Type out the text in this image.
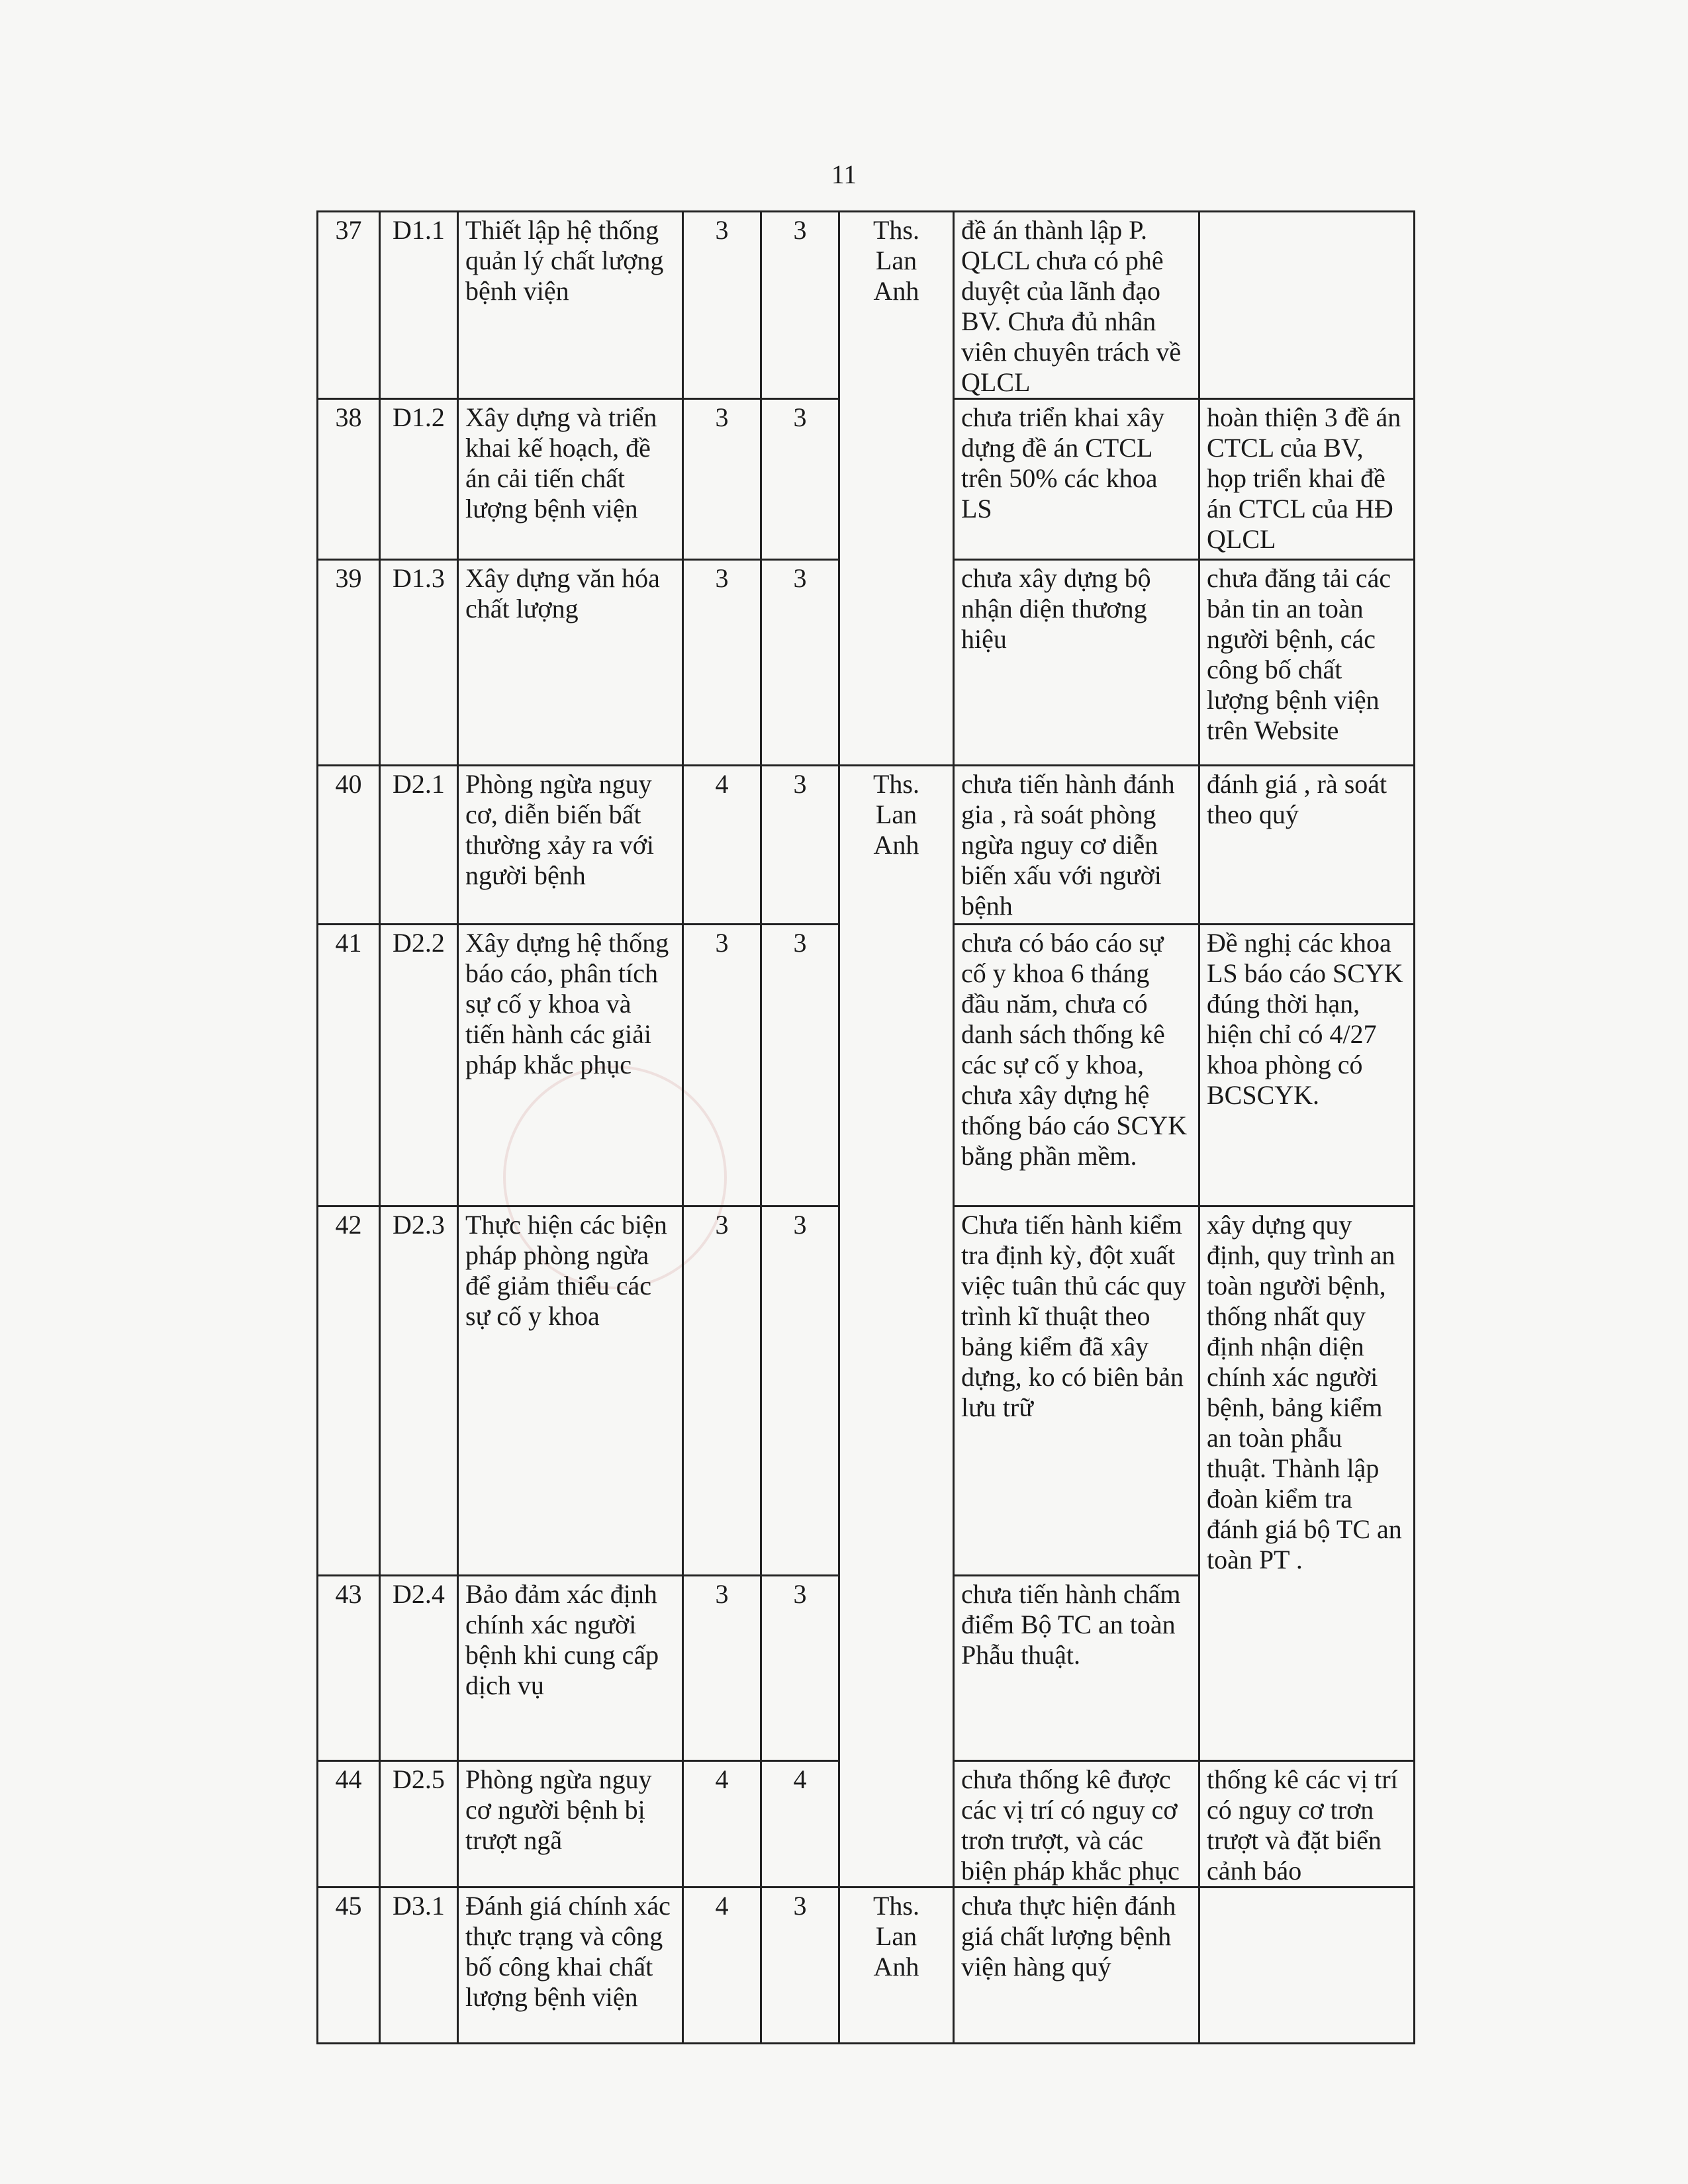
11
37	D1.1	Thiết lập hệ thống quản lý chất lượng bệnh viện	3	3	Ths.
Lan
Anh	đề án thành lập P. QLCL chưa có phê duyệt của lãnh đạo BV. Chưa đủ nhân viên chuyên trách về QLCL	
38	D1.2	Xây dựng và triển khai kế hoạch, đề án cải tiến chất lượng bệnh viện	3	3		chưa triển khai xây dựng đề án CTCL trên 50% các khoa LS	hoàn thiện 3 đề án CTCL của BV, họp triển khai đề án CTCL của HĐ QLCL
39	D1.3	Xây dựng văn hóa chất lượng	3	3		chưa xây dựng bộ nhận diện thương hiệu	chưa đăng tải các bản tin an toàn người bệnh, các công bố chất lượng bệnh viện trên Website
40	D2.1	Phòng ngừa nguy cơ, diễn biến bất thường xảy ra với người bệnh	4	3	Ths.
Lan
Anh	chưa tiến hành đánh gia , rà soát phòng ngừa nguy cơ diễn biến xấu với người bệnh	đánh giá , rà soát theo quý
41	D2.2	Xây dựng hệ thống báo cáo, phân tích sự cố y khoa và tiến hành các giải pháp khắc phục	3	3		chưa có báo cáo sự cố y khoa 6 tháng đầu năm, chưa có danh sách thống kê các sự cố y khoa, chưa xây dựng hệ thống báo cáo SCYK bằng phần mềm.	Đề nghị các khoa LS báo cáo SCYK đúng thời hạn, hiện chỉ có 4/27 khoa phòng có BCSCYK.
42	D2.3	Thực hiện các biện pháp phòng ngừa để giảm thiểu các sự cố y khoa	3	3		Chưa tiến hành kiểm tra định kỳ, đột xuất việc tuân thủ các quy trình kĩ thuật theo bảng kiểm đã xây dựng, ko có biên bản lưu trữ	xây dựng quy định, quy trình an toàn người bệnh, thống nhất quy định nhận diện chính xác người bệnh, bảng kiểm an toàn phẫu thuật. Thành lập đoàn kiểm tra đánh giá bộ TC an toàn PT .
43	D2.4	Bảo đảm xác định chính xác người bệnh khi cung cấp dịch vụ	3	3		chưa tiến hành chấm điểm Bộ TC an toàn Phẫu thuật.	
44	D2.5	Phòng ngừa nguy cơ người bệnh bị trượt ngã	4	4		chưa thống kê được các vị trí có nguy cơ trơn trượt, và các biện pháp khắc phục	thống kê các vị trí có nguy cơ trơn trượt và đặt biển cảnh báo
45	D3.1	Đánh giá chính xác thực trạng và công bố công khai chất lượng bệnh viện	4	3	Ths.
Lan
Anh	chưa thực hiện đánh giá chất lượng bệnh viện hàng quý	
